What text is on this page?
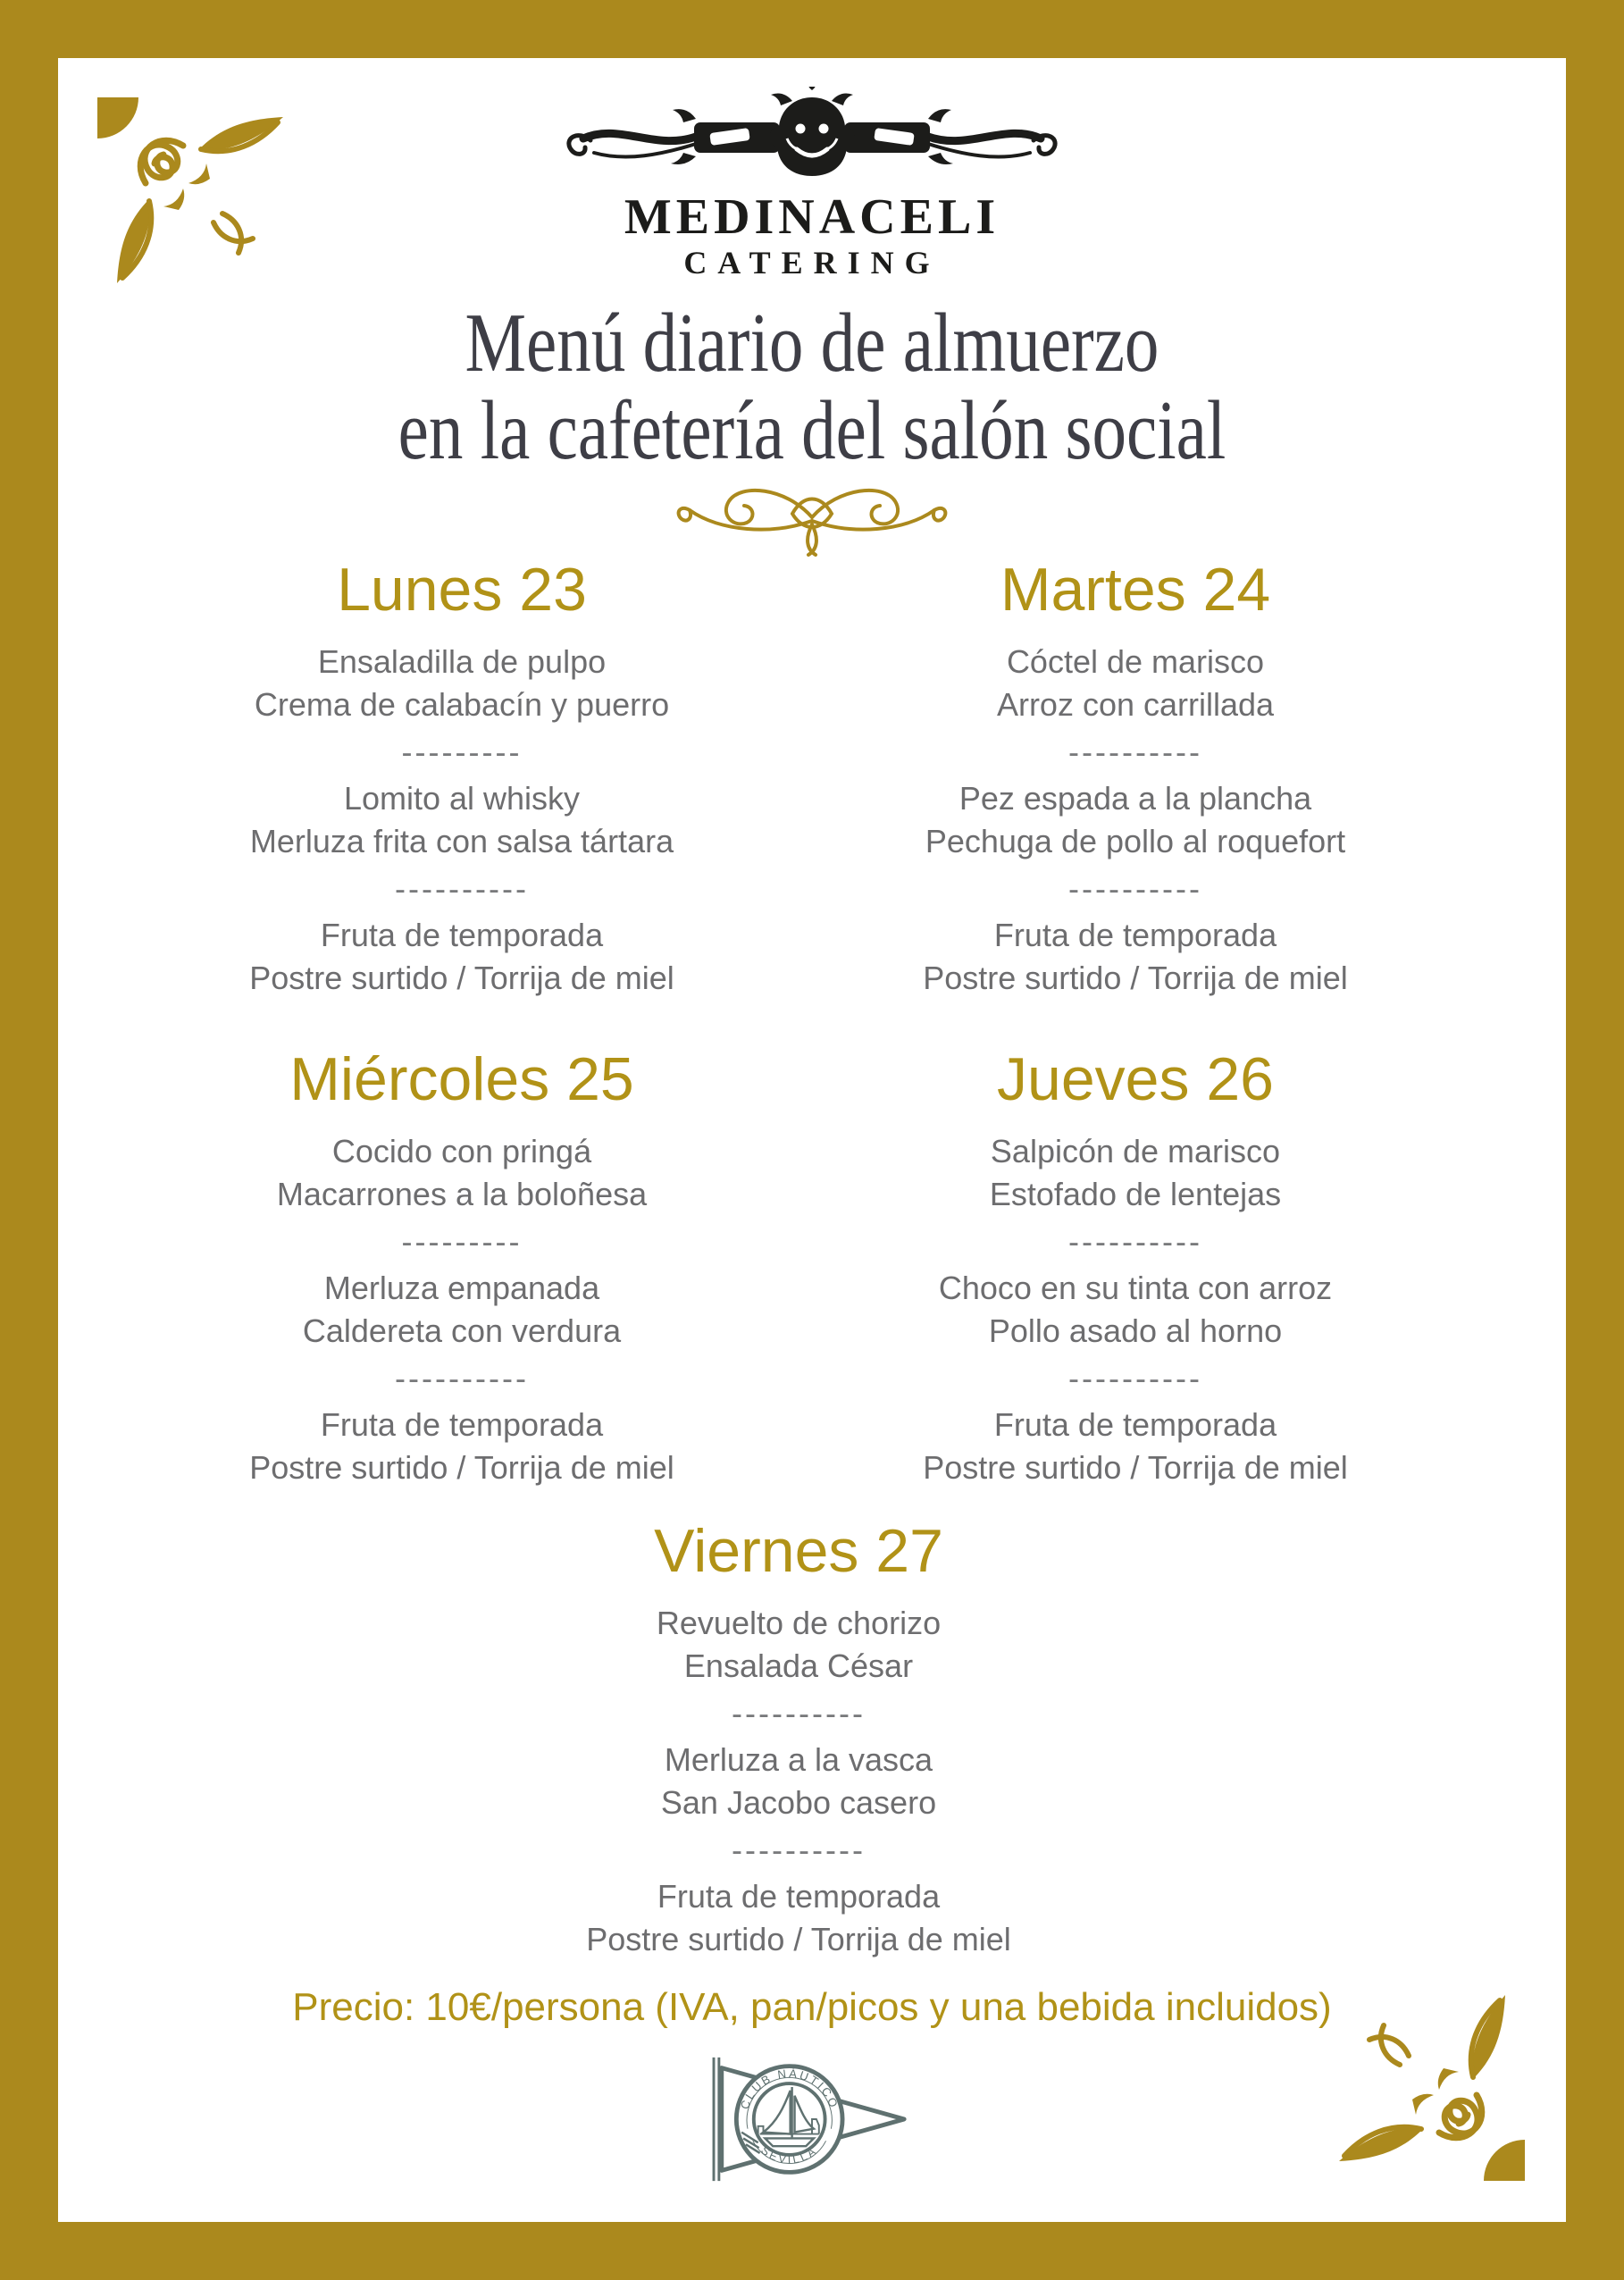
MEDINACELI
CATERING
Menú diario de almuerzo
en la cafetería del salón social
Lunes 23

Ensaladilla de pulpo

Crema de calabacín y puerro

---------

Lomito al whisky

Merluza frita con salsa tártara

----------

Fruta de temporada

Postre surtido / Torrija de miel

Martes 24

Cóctel de marisco

Arroz con carrillada

----------

Pez espada a la plancha

Pechuga de pollo al roquefort

----------

Fruta de temporada

Postre surtido / Torrija de miel

Miércoles 25

Cocido con pringá

Macarrones a la boloñesa

---------

Merluza empanada

Caldereta con verdura

----------

Fruta de temporada

Postre surtido / Torrija de miel

Jueves 26

Salpicón de marisco

Estofado de lentejas

----------

Choco en su tinta con arroz

Pollo asado al horno

----------

Fruta de temporada

Postre surtido / Torrija de miel

Viernes 27

Revuelto de chorizo

Ensalada César

----------

Merluza a la vasca

San Jacobo casero

----------

Fruta de temporada

Postre surtido / Torrija de miel

Precio: 10€/persona (IVA, pan/picos y una bebida incluidos)

CLUB NÁUTICO
SEVILLA
